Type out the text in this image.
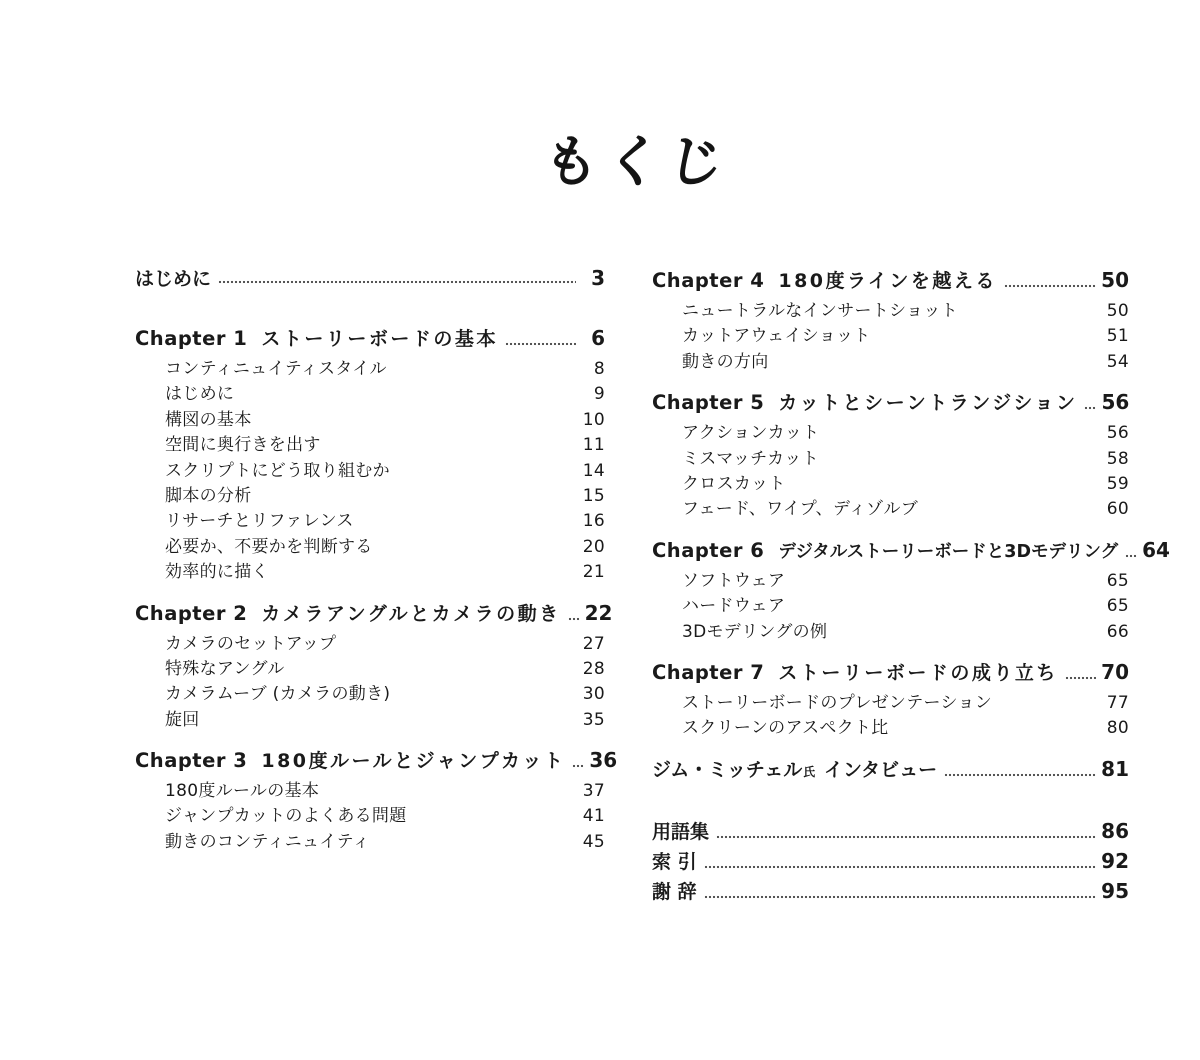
もくじ
はじめに	3
Chapter 1 ストーリーボードの基本	6
コンティニュイティスタイル	8
はじめに	9
構図の基本	10
空間に奥行きを出す	11
スクリプトにどう取り組むか	14
脚本の分析	15
リサーチとリファレンス	16
必要か、不要かを判断する	20
効率的に描く	21
Chapter 2 カメラアングルとカメラの動き 22
カメラのセットアップ	27
特殊なアングル	28
カメラムーブ (カメラの動き)	30
旋回	35
Chapter 3 180度ルールとジャンプカット 36
180度ルールの基本	37
ジャンプカットのよくある問題	41
動きのコンティニュイティ	45
Chapter 4 180度ラインを越える	50
ニュートラルなインサートショット	50
カットアウェイショット	51
動きの方向	54
Chapter 5 カットとシーントランジション 56
アクションカット	56
ミスマッチカット	58
クロスカット	59
フェード、ワイプ、ディゾルブ	60
Chapter 6 デジタルストーリーボードと3Dモデリング 64
ソフトウェア	65
ハードウェア	65
3Dモデリングの例	66
Chapter 7 ストーリーボードの成り立ち 70
ストーリーボードのプレゼンテーション	77
スクリーンのアスペクト比	80
ジム・ミッチェル氏 インタビュー	81
用語集	86
索 引	92
謝 辞	95
